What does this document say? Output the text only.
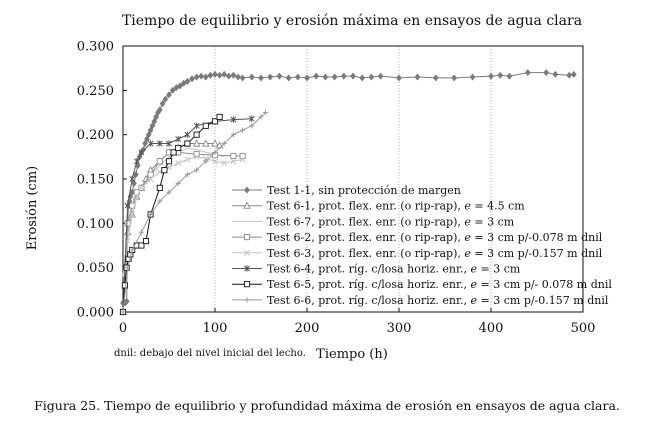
Tiempo de equilibrio y erosión máxima en ensayos de agua clara
0.000
0.050
0.100
0.150
0.200
0.250
0.300
0	100	200	300	400	500
Erosión (cm)
Tiempo (h)
dnil: debajo del nivel inicial del lecho.
Test 1-1, sin protección de margen
Test 6-1, prot. flex. enr. (o rip-rap), e = 4.5 cm
Test 6-7, prot. flex. enr. (o rip-rap), e = 3 cm
Test 6-2, prot. flex. enr. (o rip-rap), e = 3 cm p/-0.078 m dnil
Test 6-3, prot. flex. enr. (o rip-rap), e = 3 cm p/-0.157 m dnil
Test 6-4, prot. ríg. c/losa horiz. enr., e = 3 cm
Test 6-5, prot. ríg. c/losa horiz. enr., e = 3 cm p/- 0.078 m dnil
Test 6-6, prot. ríg. c/losa horiz. enr., e = 3 cm p/-0.157 m dnil
Figura 25. Tiempo de equilibrio y profundidad máxima de erosión en ensayos de agua clara.
